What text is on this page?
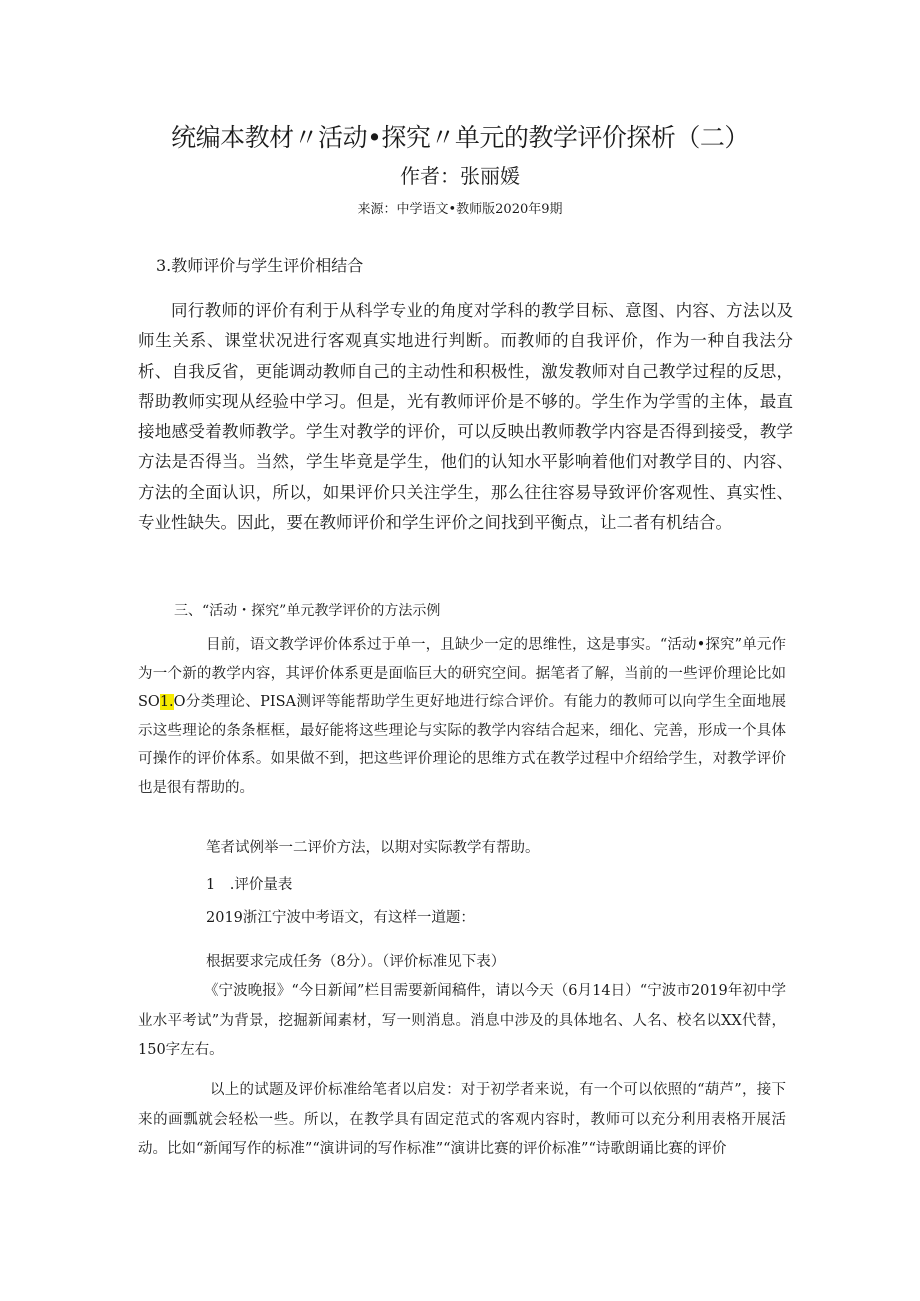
统编本教材〃活动•探究〃单元的教学评价探析（二）
作者：张丽媛
来源：中学语文•教师版2020年9期
3.教师评价与学生评价相结合

同行教师的评价有利于从科学专业的角度对学科的教学目标、意图、内容、方法以及师生关系、课堂状况进行客观真实地进行判断。而教师的自我评价，作为一种自我法分析、自我反省，更能调动教师自己的主动性和积极性，激发教师对自己教学过程的反思，帮助教师实现从经验中学习。但是，光有教师评价是不够的。学生作为学雪的主体，最直接地感受着教师教学。学生对教学的评价，可以反映出教师教学内容是否得到接受，教学方法是否得当。当然，学生毕竟是学生，他们的认知水平影响着他们对教学目的、内容、方法的全面认识，所以，如果评价只关注学生，那么往往容易导致评价客观性、真实性、专业性缺失。因此，要在教师评价和学生评价之间找到平衡点，让二者有机结合。

三、“活动・探究”单元教学评价的方法示例

目前，语文教学评价体系过于单一，且缺少一定的思维性，这是事实。“活动•探究”单元作为一个新的教学内容，其评价体系更是面临巨大的研究空间。据笔者了解，当前的一些评价理论比如SO1.O分类理论、PISA测评等能帮助学生更好地进行综合评价。有能力的教师可以向学生全面地展示这些理论的条条框框，最好能将这些理论与实际的教学内容结合起来，细化、完善，形成一个具体可操作的评价体系。如果做不到，把这些评价理论的思维方式在教学过程中介绍给学生，对教学评价也是很有帮助的。

笔者试例举一二评价方法，以期对实际教学有帮助。
1　.评价量表
2019浙江宁波中考语文，有这样一道题：
根据要求完成任务（8分）。（评价标准见下表）

《宁波晚报》“今日新闻”栏目需要新闻稿件，请以今天（6月14日）“宁波市2019年初中学业水平考试”为背景，挖掘新闻素材，写一则消息。消息中涉及的具体地名、人名、校名以XX代替，150字左右。

以上的试题及评价标准给笔者以启发：对于初学者来说，有一个可以依照的“葫芦”，接下来的画瓢就会轻松一些。所以，在教学具有固定范式的客观内容时，教师可以充分利用表格开展活动。比如“新闻写作的标准”“演讲词的写作标准”“演讲比赛的评价标准”“诗歌朗诵比赛的评价
